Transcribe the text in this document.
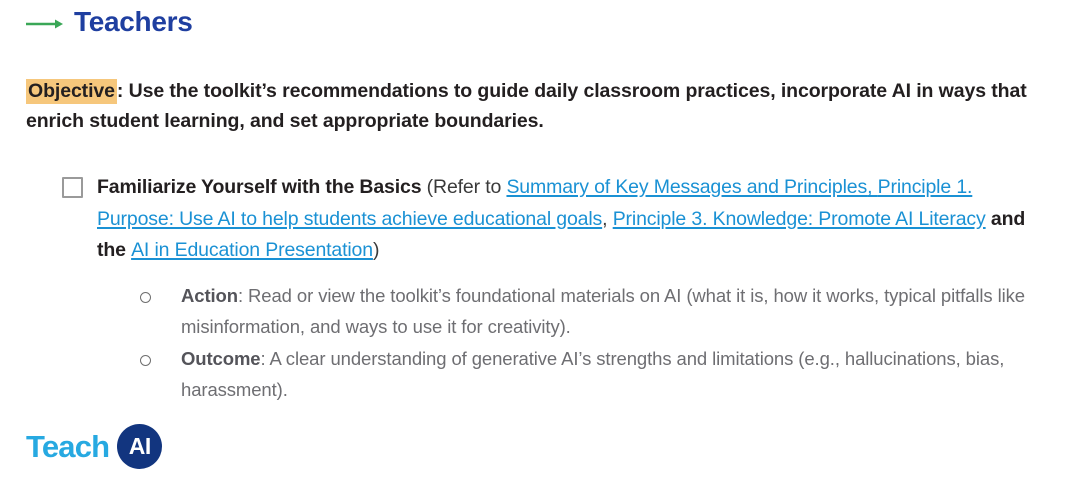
Teachers
Objective : Use the toolkit’s recommendations to guide daily classroom practices, incorporate AI in ways that enrich student learning, and set appropriate boundaries.
Familiarize Yourself with the Basics (Refer to Summary of Key Messages and Principles, Principle 1. Purpose: Use AI to help students achieve educational goals, Principle 3. Knowledge: Promote AI Literacy and the AI in Education Presentation)
Action: Read or view the toolkit’s foundational materials on AI (what it is, how it works, typical pitfalls like misinformation, and ways to use it for creativity).
Outcome: A clear understanding of generative AI’s strengths and limitations (e.g., hallucinations, bias, harassment).
Teach AI
